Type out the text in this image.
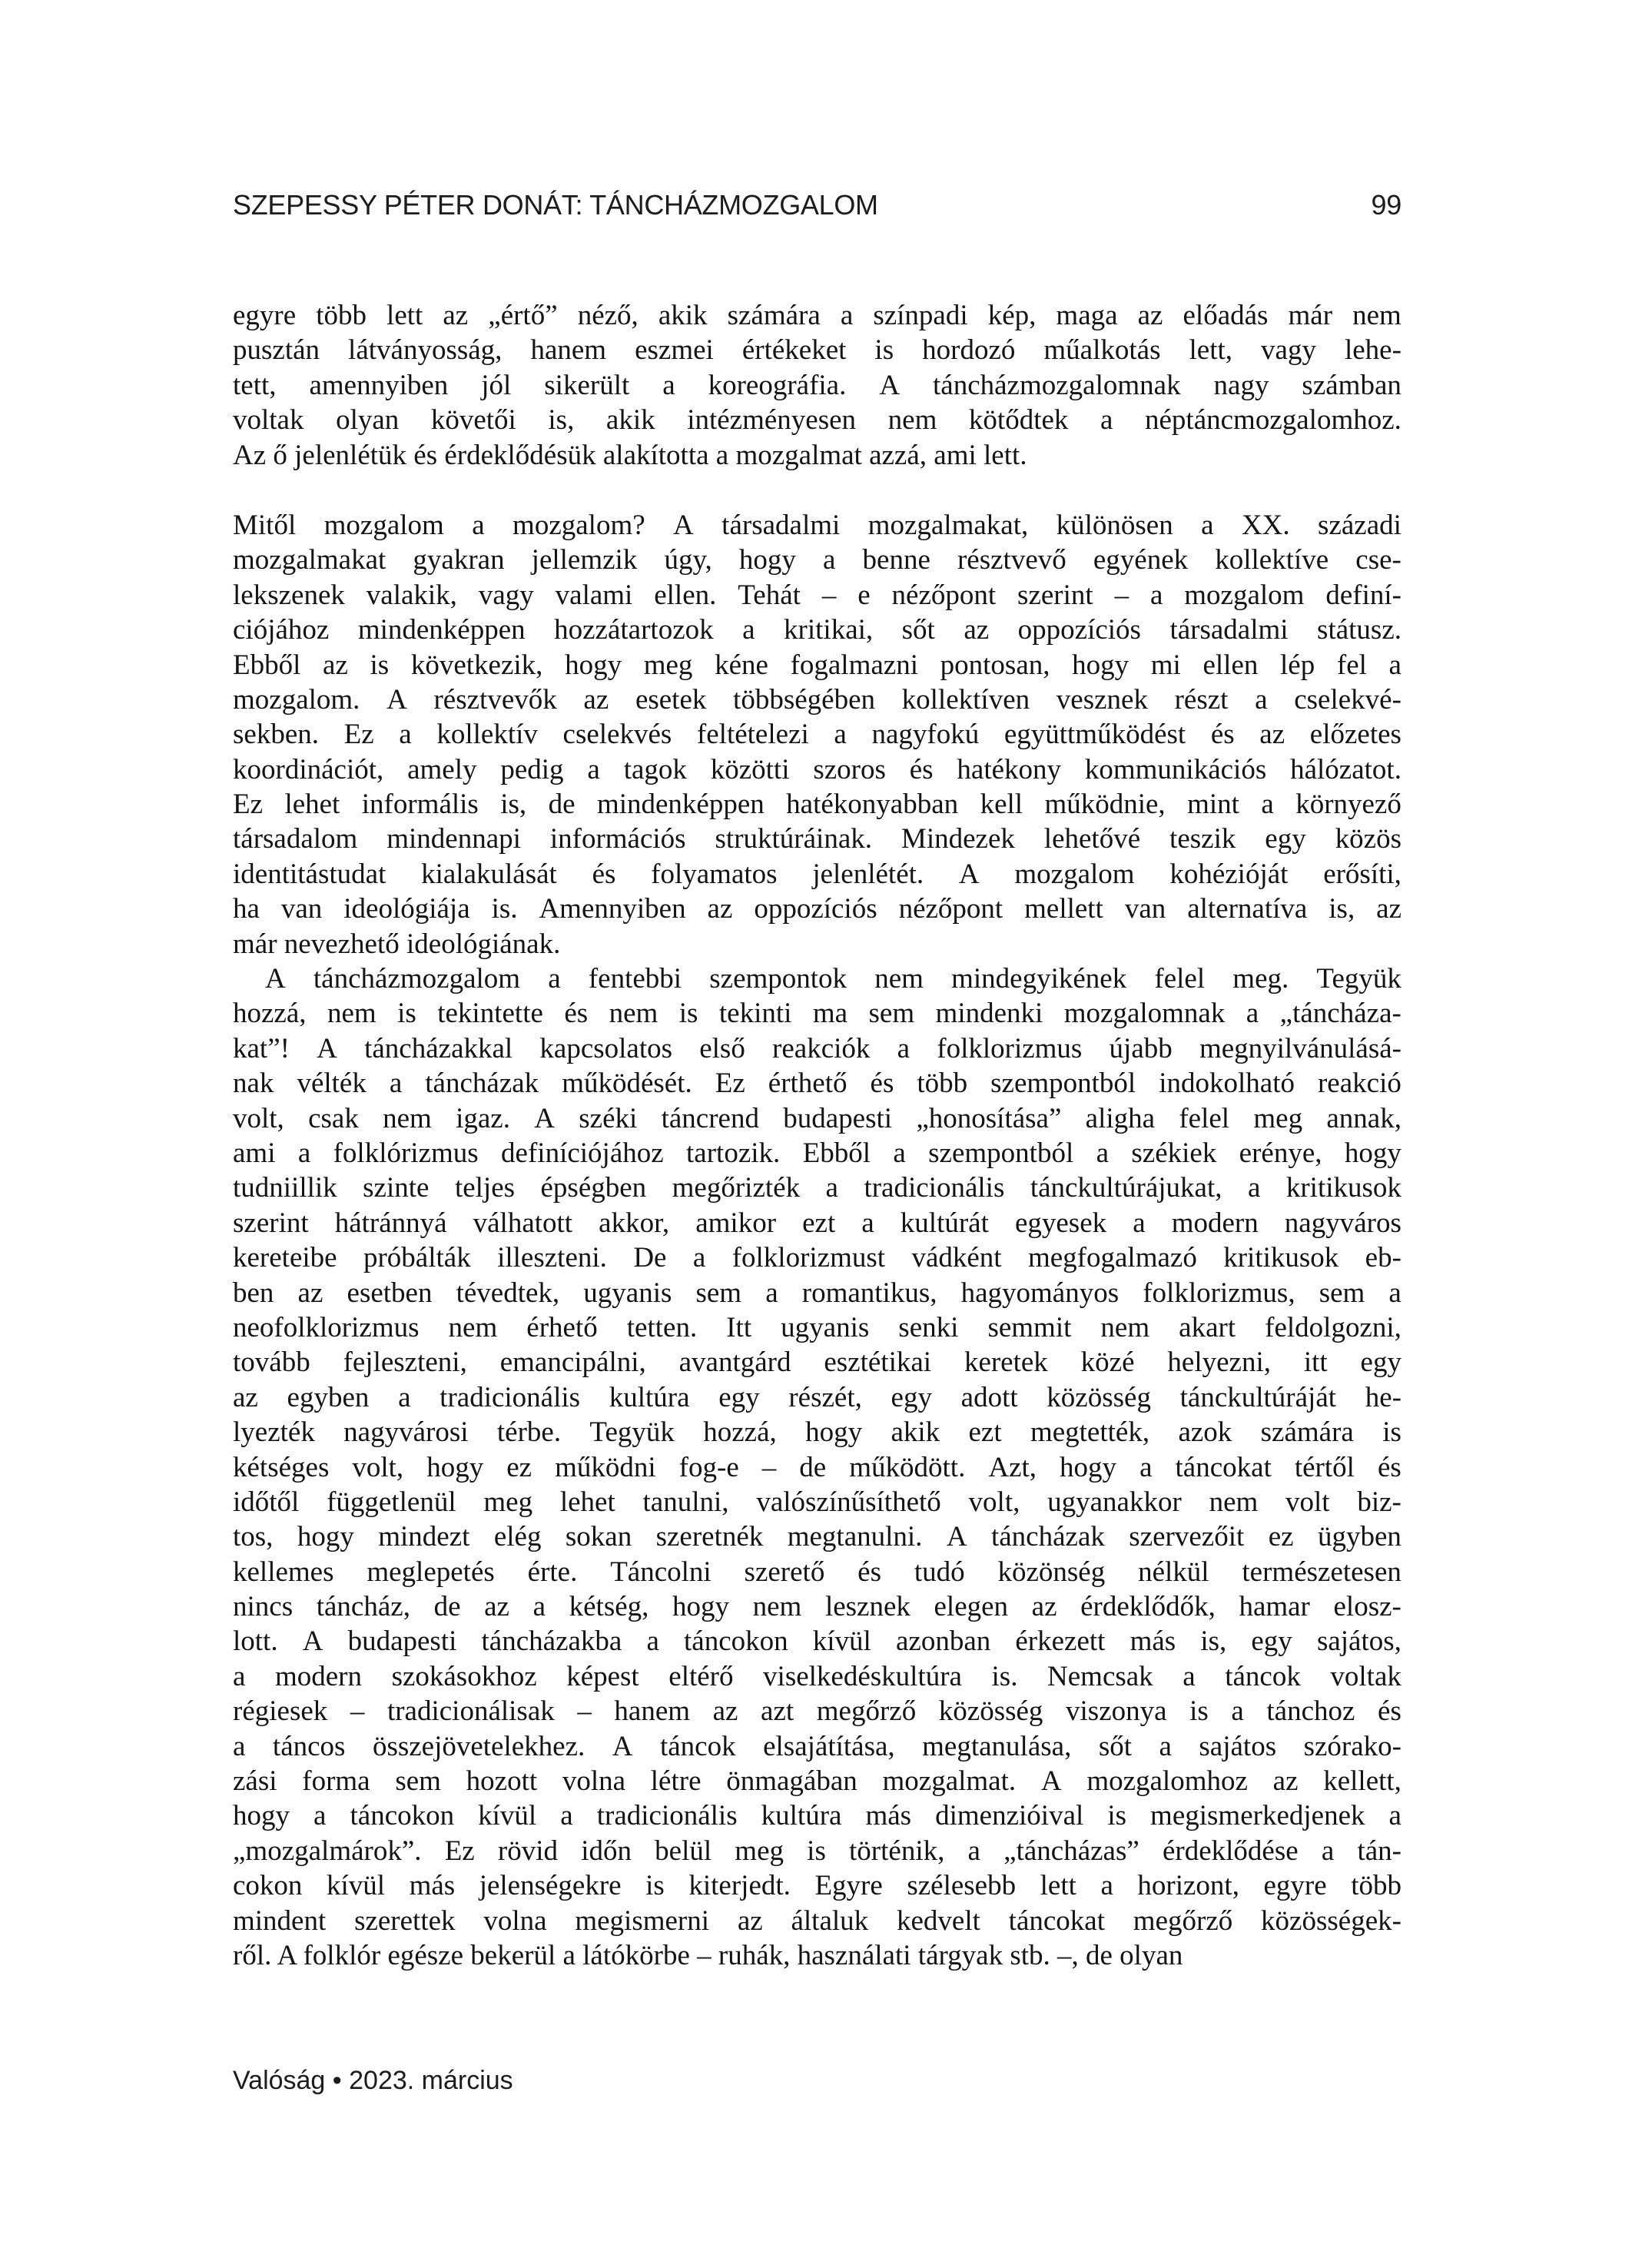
SZEPESSY PÉTER DONÁT: TÁNCHÁZMOZGALOM	99
egyre több lett az „értő” néző, akik számára a színpadi kép, maga az előadás már nem
pusztán látványosság, hanem eszmei értékeket is hordozó műalkotás lett, vagy lehe-
tett, amennyiben jól sikerült a koreográfia. A táncházmozgalomnak nagy számban
voltak olyan követői is, akik intézményesen nem kötődtek a néptáncmozgalomhoz.
Az ő jelenlétük és érdeklődésük alakította a mozgalmat azzá, ami lett.
Mitől mozgalom a mozgalom? A társadalmi mozgalmakat, különösen a XX. századi
mozgalmakat gyakran jellemzik úgy, hogy a benne résztvevő egyének kollektíve cse-
lekszenek valakik, vagy valami ellen. Tehát – e nézőpont szerint – a mozgalom definí-
ciójához mindenképpen hozzátartozok a kritikai, sőt az oppozíciós társadalmi státusz.
Ebből az is következik, hogy meg kéne fogalmazni pontosan, hogy mi ellen lép fel a
mozgalom. A résztvevők az esetek többségében kollektíven vesznek részt a cselekvé-
sekben. Ez a kollektív cselekvés feltételezi a nagyfokú együttműködést és az előzetes
koordinációt, amely pedig a tagok közötti szoros és hatékony kommunikációs hálózatot.
Ez lehet informális is, de mindenképpen hatékonyabban kell működnie, mint a környező
társadalom mindennapi információs struktúráinak. Mindezek lehetővé teszik egy közös
identitástudat kialakulását és folyamatos jelenlétét. A mozgalom kohézióját erősíti,
ha van ideológiája is. Amennyiben az oppozíciós nézőpont mellett van alternatíva is, az
már nevezhető ideológiának.
A táncházmozgalom a fentebbi szempontok nem mindegyikének felel meg. Tegyük
hozzá, nem is tekintette és nem is tekinti ma sem mindenki mozgalomnak a „táncháza-
kat”! A táncházakkal kapcsolatos első reakciók a folklorizmus újabb megnyilvánulásá-
nak vélték a táncházak működését. Ez érthető és több szempontból indokolható reakció
volt, csak nem igaz. A széki táncrend budapesti „honosítása” aligha felel meg annak,
ami a folklórizmus definíciójához tartozik. Ebből a szempontból a székiek erénye, hogy
tudniillik szinte teljes épségben megőrizték a tradicionális tánckultúrájukat, a kritikusok
szerint hátránnyá válhatott akkor, amikor ezt a kultúrát egyesek a modern nagyváros
kereteibe próbálták illeszteni. De a folklorizmust vádként megfogalmazó kritikusok eb-
ben az esetben tévedtek, ugyanis sem a romantikus, hagyományos folklorizmus, sem a
neofolklorizmus nem érhető tetten. Itt ugyanis senki semmit nem akart feldolgozni,
tovább fejleszteni, emancipálni, avantgárd esztétikai keretek közé helyezni, itt egy
az egyben a tradicionális kultúra egy részét, egy adott közösség tánckultúráját he-
lyezték nagyvárosi térbe. Tegyük hozzá, hogy akik ezt megtették, azok számára is
kétséges volt, hogy ez működni fog-e – de működött. Azt, hogy a táncokat tértől és
időtől függetlenül meg lehet tanulni, valószínűsíthető volt, ugyanakkor nem volt biz-
tos, hogy mindezt elég sokan szeretnék megtanulni. A táncházak szervezőit ez ügyben
kellemes meglepetés érte. Táncolni szerető és tudó közönség nélkül természetesen
nincs táncház, de az a kétség, hogy nem lesznek elegen az érdeklődők, hamar elosz-
lott. A budapesti táncházakba a táncokon kívül azonban érkezett más is, egy sajátos,
a modern szokásokhoz képest eltérő viselkedéskultúra is. Nemcsak a táncok voltak
régiesek – tradicionálisak – hanem az azt megőrző közösség viszonya is a tánchoz és
a táncos összejövetelekhez. A táncok elsajátítása, megtanulása, sőt a sajátos szórako-
zási forma sem hozott volna létre önmagában mozgalmat. A mozgalomhoz az kellett,
hogy a táncokon kívül a tradicionális kultúra más dimenzióival is megismerkedjenek a
„mozgalmárok”. Ez rövid időn belül meg is történik, a „táncházas” érdeklődése a tán-
cokon kívül más jelenségekre is kiterjedt. Egyre szélesebb lett a horizont, egyre több
mindent szerettek volna megismerni az általuk kedvelt táncokat megőrző közösségek-
ről. A folklór egésze bekerül a látókörbe – ruhák, használati tárgyak stb. –, de olyan
Valóság • 2023. március
